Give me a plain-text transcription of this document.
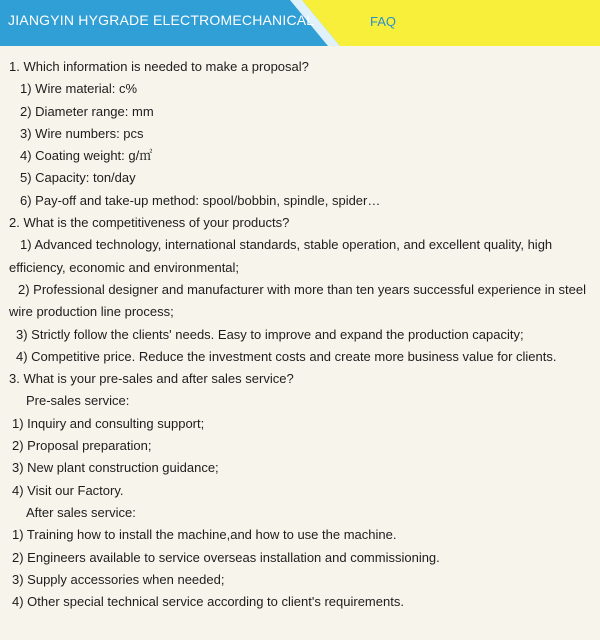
JIANGYIN HYGRADE ELECTROMECHANICAL	FAQ

1. Which information is needed to make a proposal?

1) Wire material: c%

2) Diameter range: mm

3) Wire numbers: pcs

4) Coating weight: g/㎡

5) Capacity: ton/day

6) Pay-off and take-up method: spool/bobbin, spindle, spider…

2. What is the competitiveness of your products?

1) Advanced technology, international standards, stable operation, and excellent quality, high efficiency, economic and environmental;

2) Professional designer and manufacturer with more than ten years successful experience in steel wire production line process;

3) Strictly follow the clients' needs. Easy to improve and expand the production capacity;

4) Competitive price. Reduce the investment costs and create more business value for clients.

3. What is your pre-sales and after sales service?

Pre-sales service:

1) Inquiry and consulting support;

2) Proposal preparation;

3) New plant construction guidance;

4) Visit our Factory.

After sales service:

1) Training how to install the machine,and how to use the machine.

2) Engineers available to service overseas installation and commissioning.

3) Supply accessories when needed;

4) Other special technical service according to client's requirements.
